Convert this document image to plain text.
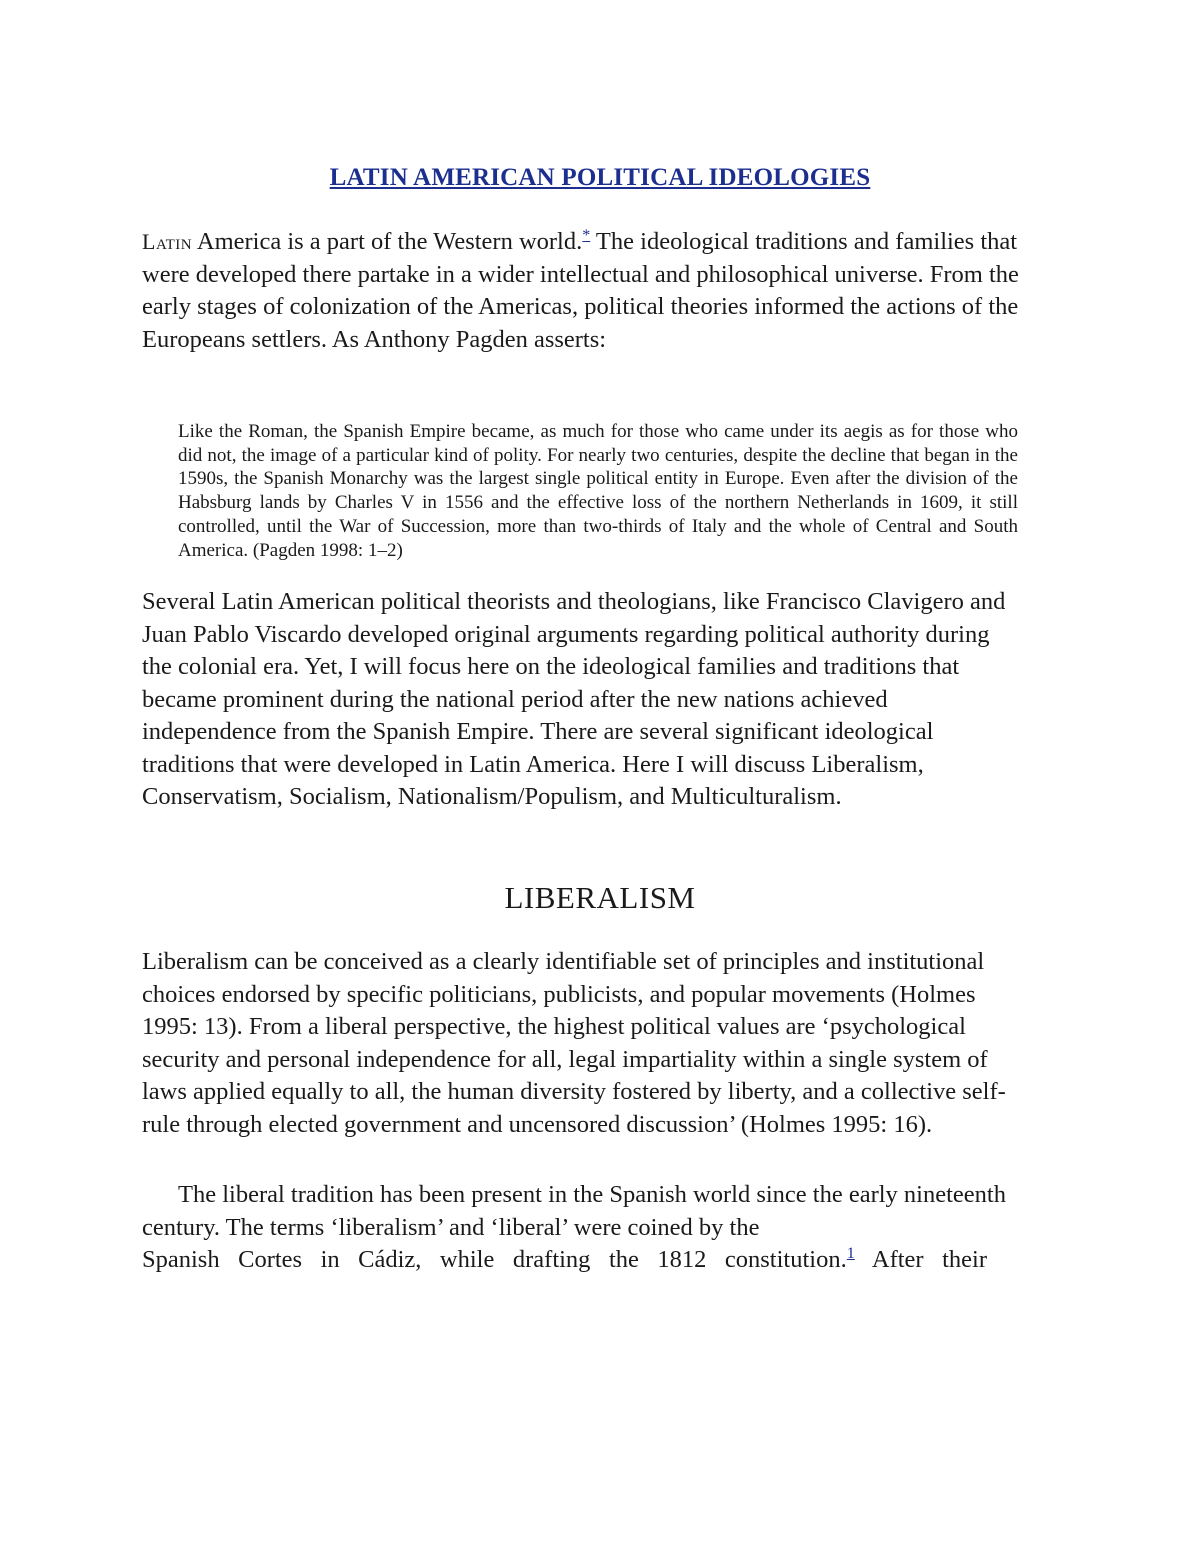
LATIN AMERICAN POLITICAL IDEOLOGIES

Latin America is a part of the Western world.* The ideological traditions and families that were developed there partake in a wider intellectual and philosophical universe. From the early stages of colonization of the Americas, political theories informed the actions of the Europeans settlers. As Anthony Pagden asserts:

Like the Roman, the Spanish Empire became, as much for those who came under its aegis as for those who did not, the image of a particular kind of polity. For nearly two centuries, despite the decline that began in the 1590s, the Spanish Monarchy was the largest single political entity in Europe. Even after the division of the Habsburg lands by Charles V in 1556 and the effective loss of the northern Netherlands in 1609, it still controlled, until the War of Succession, more than two-thirds of Italy and the whole of Central and South America. (Pagden 1998: 1–2)

Several Latin American political theorists and theologians, like Francisco Clavigero and Juan Pablo Viscardo developed original arguments regarding political authority during the colonial era. Yet, I will focus here on the ideological families and traditions that became prominent during the national period after the new nations achieved independence from the Spanish Empire. There are several significant ideological traditions that were developed in Latin America. Here I will discuss Liberalism, Conservatism, Socialism, Nationalism/Populism, and Multiculturalism.

LIBERALISM

Liberalism can be conceived as a clearly identifiable set of principles and institutional choices endorsed by specific politicians, publicists, and popular movements (Holmes 1995: 13). From a liberal perspective, the highest political values are ‘psychological security and personal independence for all, legal impartiality within a single system of laws applied equally to all, the human diversity fostered by liberty, and a collective self-rule through elected government and uncensored discussion’ (Holmes 1995: 16).

The liberal tradition has been present in the Spanish world since the early nineteenth century. The terms ‘liberalism’ and ‘liberal’ were coined by the

Spanish Cortes in Cádiz, while drafting the 1812 constitution.$^1$ After their
